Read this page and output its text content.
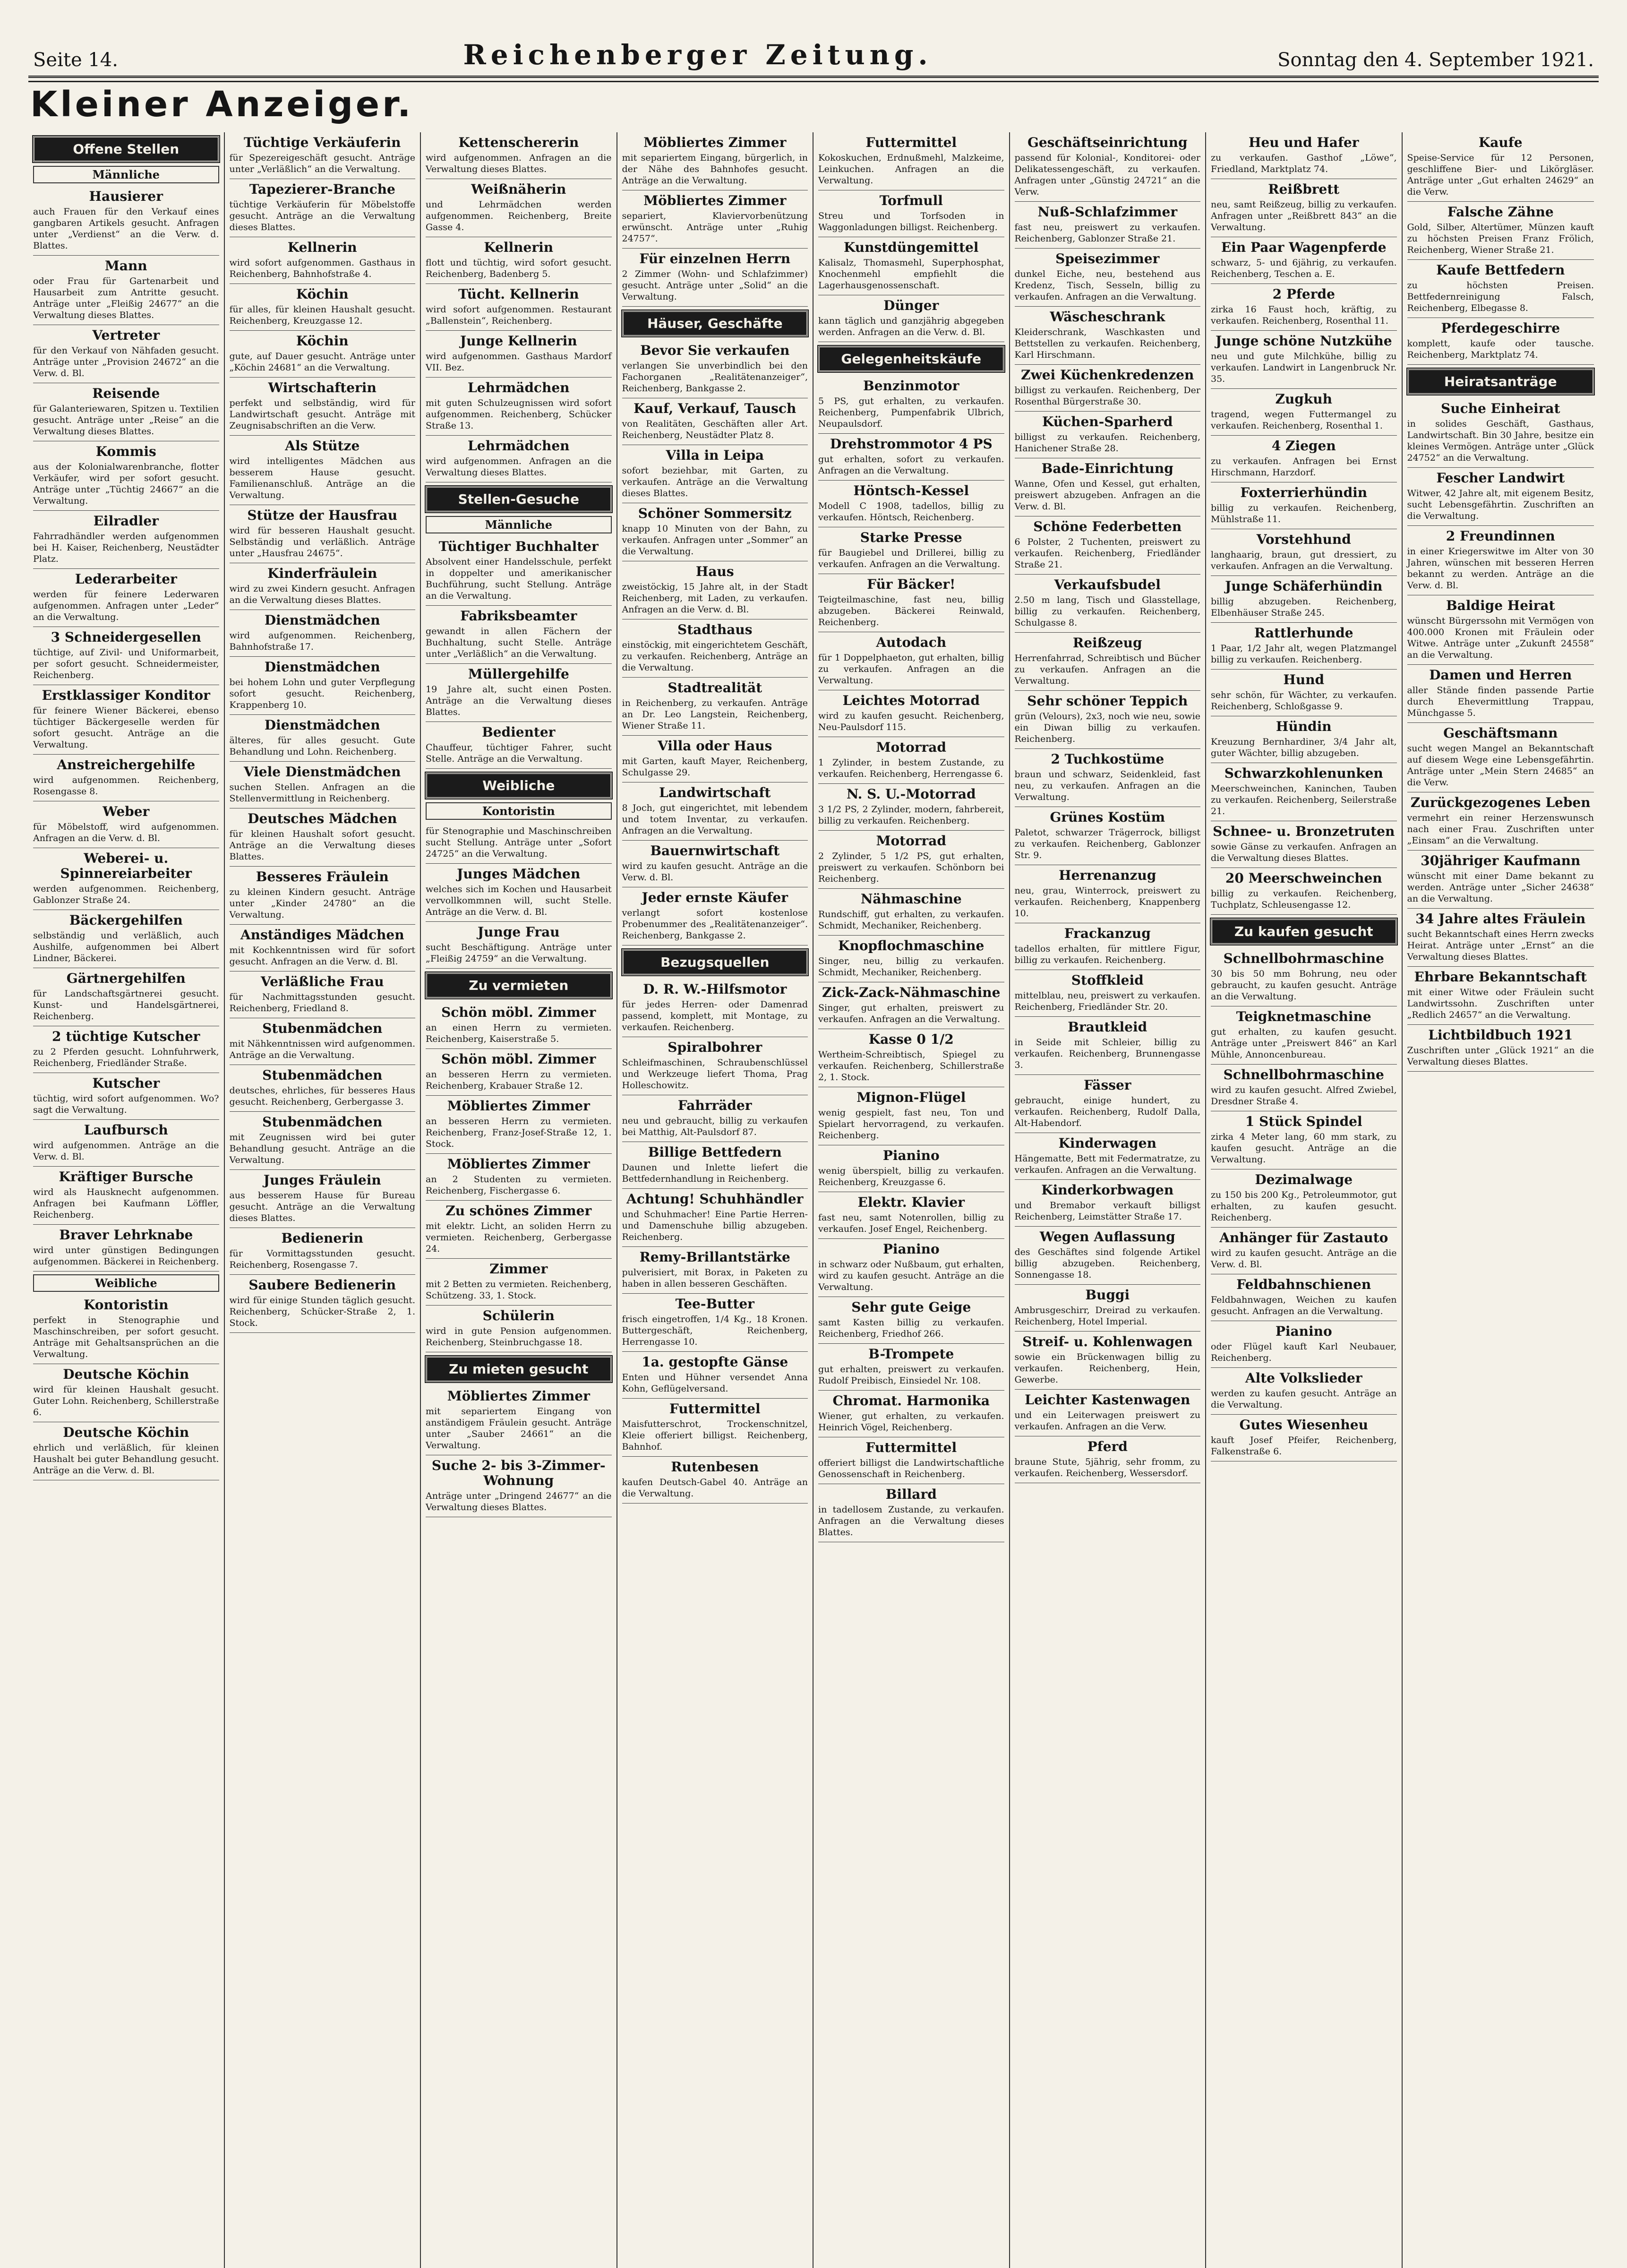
Seite 14.	Reichenberger Zeitung.	Sonntag den 4. September 1921.
Kleiner Anzeiger.
Offene Stellen
Männliche
Hausierer

auch Frauen für den Verkauf eines gangbaren Artikels gesucht. Anfragen unter „Verdienst“ an die Verw. d. Blattes.

Mann

oder Frau für Gartenarbeit und Hausarbeit zum Antritte gesucht. Anträge unter „Fleißig 24677“ an die Verwaltung dieses Blattes.

Vertreter

für den Verkauf von Nähfaden gesucht. Anträge unter „Provision 24672“ an die Verw. d. Bl.

Reisende

für Galanteriewaren, Spitzen u. Textilien gesucht. Anträge unter „Reise“ an die Verwaltung dieses Blattes.

Kommis

aus der Kolonialwarenbranche, flotter Verkäufer, wird per sofort gesucht. Anträge unter „Tüchtig 24667“ an die Verwaltung.

Eilradler

Fahrradhändler werden aufgenommen bei H. Kaiser, Reichenberg, Neustädter Platz.

Lederarbeiter

werden für feinere Lederwaren aufgenommen. Anfragen unter „Leder“ an die Verwaltung.

3 Schneidergesellen

tüchtige, auf Zivil- und Uniformarbeit, per sofort gesucht. Schneidermeister, Reichenberg.

Erstklassiger Konditor

für feinere Wiener Bäckerei, ebenso tüchtiger Bäckergeselle werden für sofort gesucht. Anträge an die Verwaltung.

Anstreichergehilfe

wird aufgenommen. Reichenberg, Rosengasse 8.

Weber

für Möbelstoff, wird aufgenommen. Anfragen an die Verw. d. Bl.

Weberei- u. Spinnereiarbeiter

werden aufgenommen. Reichenberg, Gablonzer Straße 24.

Bäckergehilfen

selbständig und verläßlich, auch Aushilfe, aufgenommen bei Albert Lindner, Bäckerei.

Gärtnergehilfen

für Landschaftsgärtnerei gesucht. Kunst- und Handelsgärtnerei, Reichenberg.

2 tüchtige Kutscher

zu 2 Pferden gesucht. Lohnfuhrwerk, Reichenberg, Friedländer Straße.

Kutscher

tüchtig, wird sofort aufgenommen. Wo? sagt die Verwaltung.

Laufbursch

wird aufgenommen. Anträge an die Verw. d. Bl.

Kräftiger Bursche

wird als Hausknecht aufgenommen. Anfragen bei Kaufmann Löffler, Reichenberg.

Braver Lehrknabe

wird unter günstigen Bedingungen aufgenommen. Bäckerei in Reichenberg.

Weibliche
Kontoristin

perfekt in Stenographie und Maschinschreiben, per sofort gesucht. Anträge mit Gehaltsansprüchen an die Verwaltung.

Deutsche Köchin

wird für kleinen Haushalt gesucht. Guter Lohn. Reichenberg, Schillerstraße 6.

Deutsche Köchin

ehrlich und verläßlich, für kleinen Haushalt bei guter Behandlung gesucht. Anträge an die Verw. d. Bl.

Tüchtige Verkäuferin

für Spezereigeschäft gesucht. Anträge unter „Verläßlich“ an die Verwaltung.

Tapezierer-Branche

tüchtige Verkäuferin für Möbelstoffe gesucht. Anträge an die Verwaltung dieses Blattes.

Kellnerin

wird sofort aufgenommen. Gasthaus in Reichenberg, Bahnhofstraße 4.

Köchin

für alles, für kleinen Haushalt gesucht. Reichenberg, Kreuzgasse 12.

Köchin

gute, auf Dauer gesucht. Anträge unter „Köchin 24681“ an die Verwaltung.

Wirtschafterin

perfekt und selbständig, wird für Landwirtschaft gesucht. Anträge mit Zeugnisabschriften an die Verw.

Als Stütze

wird intelligentes Mädchen aus besserem Hause gesucht. Familienanschluß. Anträge an die Verwaltung.

Stütze der Hausfrau

wird für besseren Haushalt gesucht. Selbständig und verläßlich. Anträge unter „Hausfrau 24675“.

Kinderfräulein

wird zu zwei Kindern gesucht. Anfragen an die Verwaltung dieses Blattes.

Dienstmädchen

wird aufgenommen. Reichenberg, Bahnhofstraße 17.

Dienstmädchen

bei hohem Lohn und guter Verpflegung sofort gesucht. Reichenberg, Krappenberg 10.

Dienstmädchen

älteres, für alles gesucht. Gute Behandlung und Lohn. Reichenberg.

Viele Dienstmädchen

suchen Stellen. Anfragen an die Stellenvermittlung in Reichenberg.

Deutsches Mädchen

für kleinen Haushalt sofort gesucht. Anträge an die Verwaltung dieses Blattes.

Besseres Fräulein

zu kleinen Kindern gesucht. Anträge unter „Kinder 24780“ an die Verwaltung.

Anständiges Mädchen

mit Kochkenntnissen wird für sofort gesucht. Anfragen an die Verw. d. Bl.

Verläßliche Frau

für Nachmittagsstunden gesucht. Reichenberg, Friedland 8.

Stubenmädchen

mit Nähkenntnissen wird aufgenommen. Anträge an die Verwaltung.

Stubenmädchen

deutsches, ehrliches, für besseres Haus gesucht. Reichenberg, Gerbergasse 3.

Stubenmädchen

mit Zeugnissen wird bei guter Behandlung gesucht. Anträge an die Verwaltung.

Junges Fräulein

aus besserem Hause für Bureau gesucht. Anträge an die Verwaltung dieses Blattes.

Bedienerin

für Vormittagsstunden gesucht. Reichenberg, Rosengasse 7.

Saubere Bedienerin

wird für einige Stunden täglich gesucht. Reichenberg, Schücker-Straße 2, 1. Stock.

Kettenschererin

wird aufgenommen. Anfragen an die Verwaltung dieses Blattes.

Weißnäherin

und Lehrmädchen werden aufgenommen. Reichenberg, Breite Gasse 4.

Kellnerin

flott und tüchtig, wird sofort gesucht. Reichenberg, Badenberg 5.

Tücht. Kellnerin

wird sofort aufgenommen. Restaurant „Ballenstein“, Reichenberg.

Junge Kellnerin

wird aufgenommen. Gasthaus Mardorf VII. Bez.

Lehrmädchen

mit guten Schulzeugnissen wird sofort aufgenommen. Reichenberg, Schücker Straße 13.

Lehrmädchen

wird aufgenommen. Anfragen an die Verwaltung dieses Blattes.

Stellen-Gesuche
Männliche
Tüchtiger Buchhalter

Absolvent einer Handelsschule, perfekt in doppelter und amerikanischer Buchführung, sucht Stellung. Anträge an die Verwaltung.

Fabriksbeamter

gewandt in allen Fächern der Buchhaltung, sucht Stelle. Anträge unter „Verläßlich“ an die Verwaltung.

Müllergehilfe

19 Jahre alt, sucht einen Posten. Anträge an die Verwaltung dieses Blattes.

Bedienter

Chauffeur, tüchtiger Fahrer, sucht Stelle. Anträge an die Verwaltung.

Weibliche
Kontoristin

für Stenographie und Maschinschreiben sucht Stellung. Anträge unter „Sofort 24725“ an die Verwaltung.

Junges Mädchen

welches sich im Kochen und Hausarbeit vervollkommnen will, sucht Stelle. Anträge an die Verw. d. Bl.

Junge Frau

sucht Beschäftigung. Anträge unter „Fleißig 24759“ an die Verwaltung.

Zu vermieten
Schön möbl. Zimmer

an einen Herrn zu vermieten. Reichenberg, Kaiserstraße 5.

Schön möbl. Zimmer

an besseren Herrn zu vermieten. Reichenberg, Krabauer Straße 12.

Möbliertes Zimmer

an besseren Herrn zu vermieten. Reichenberg, Franz-Josef-Straße 12, 1. Stock.

Möbliertes Zimmer

an 2 Studenten zu vermieten. Reichenberg, Fischergasse 6.

Zu schönes Zimmer

mit elektr. Licht, an soliden Herrn zu vermieten. Reichenberg, Gerbergasse 24.

Zimmer

mit 2 Betten zu vermieten. Reichenberg, Schützeng. 33, 1. Stock.

Schülerin

wird in gute Pension aufgenommen. Reichenberg, Steinbruchgasse 18.

Zu mieten gesucht
Möbliertes Zimmer

mit separiertem Eingang von anständigem Fräulein gesucht. Anträge unter „Sauber 24661“ an die Verwaltung.

Suche 2- bis 3-Zimmer-Wohnung

Anträge unter „Dringend 24677“ an die Verwaltung dieses Blattes.

Möbliertes Zimmer

mit separiertem Eingang, bürgerlich, in der Nähe des Bahnhofes gesucht. Anträge an die Verwaltung.

Möbliertes Zimmer

separiert, Klaviervorbenützung erwünscht. Anträge unter „Ruhig 24757“.

Für einzelnen Herrn

2 Zimmer (Wohn- und Schlafzimmer) gesucht. Anträge unter „Solid“ an die Verwaltung.

Häuser, Geschäfte
Bevor Sie verkaufen

verlangen Sie unverbindlich bei den Fachorganen „Realitätenanzeiger“, Reichenberg, Bankgasse 2.

Kauf, Verkauf, Tausch

von Realitäten, Geschäften aller Art. Reichenberg, Neustädter Platz 8.

Villa in Leipa

sofort beziehbar, mit Garten, zu verkaufen. Anträge an die Verwaltung dieses Blattes.

Schöner Sommersitz

knapp 10 Minuten von der Bahn, zu verkaufen. Anfragen unter „Sommer“ an die Verwaltung.

Haus

zweistöckig, 15 Jahre alt, in der Stadt Reichenberg, mit Laden, zu verkaufen. Anfragen an die Verw. d. Bl.

Stadthaus

einstöckig, mit eingerichtetem Geschäft, zu verkaufen. Reichenberg, Anträge an die Verwaltung.

Stadtrealität

in Reichenberg, zu verkaufen. Anträge an Dr. Leo Langstein, Reichenberg, Wiener Straße 11.

Villa oder Haus

mit Garten, kauft Mayer, Reichenberg, Schulgasse 29.

Landwirtschaft

8 Joch, gut eingerichtet, mit lebendem und totem Inventar, zu verkaufen. Anfragen an die Verwaltung.

Bauernwirtschaft

wird zu kaufen gesucht. Anträge an die Verw. d. Bl.

Jeder ernste Käufer

verlangt sofort kostenlose Probenummer des „Realitätenanzeiger“. Reichenberg, Bankgasse 2.

Bezugsquellen
D. R. W.-Hilfsmotor

für jedes Herren- oder Damenrad passend, komplett, mit Montage, zu verkaufen. Reichenberg.

Spiralbohrer

Schleifmaschinen, Schraubenschlüssel und Werkzeuge liefert Thoma, Prag Holleschowitz.

Fahrräder

neu und gebraucht, billig zu verkaufen bei Matthig, Alt-Paulsdorf 87.

Billige Bettfedern

Daunen und Inlette liefert die Bettfedernhandlung in Reichenberg.

Achtung! Schuhhändler

und Schuhmacher! Eine Partie Herren- und Damenschuhe billig abzugeben. Reichenberg.

Remy-Brillantstärke

pulverisiert, mit Borax, in Paketen zu haben in allen besseren Geschäften.

Tee-Butter

frisch eingetroffen, 1/4 Kg., 18 Kronen. Buttergeschäft, Reichenberg, Herrengasse 10.

1a. gestopfte Gänse

Enten und Hühner versendet Anna Kohn, Geflügelversand.

Futtermittel

Maisfutterschrot, Trockenschnitzel, Kleie offeriert billigst. Reichenberg, Bahnhof.

Rutenbesen

kaufen Deutsch-Gabel 40. Anträge an die Verwaltung.

Futtermittel

Kokoskuchen, Erdnußmehl, Malzkeime, Leinkuchen. Anfragen an die Verwaltung.

Torfmull

Streu und Torfsoden in Waggonladungen billigst. Reichenberg.

Kunstdüngemittel

Kalisalz, Thomasmehl, Superphosphat, Knochenmehl empfiehlt die Lagerhausgenossenschaft.

Dünger

kann täglich und ganzjährig abgegeben werden. Anfragen an die Verw. d. Bl.

Gelegenheitskäufe
Benzinmotor

5 PS, gut erhalten, zu verkaufen. Reichenberg, Pumpenfabrik Ulbrich, Neupaulsdorf.

Drehstrommotor 4 PS

gut erhalten, sofort zu verkaufen. Anfragen an die Verwaltung.

Höntsch-Kessel

Modell C 1908, tadellos, billig zu verkaufen. Höntsch, Reichenberg.

Starke Presse

für Baugiebel und Drillerei, billig zu verkaufen. Anfragen an die Verwaltung.

Für Bäcker!

Teigteilmaschine, fast neu, billig abzugeben. Bäckerei Reinwald, Reichenberg.

Autodach

für 1 Doppelphaeton, gut erhalten, billig zu verkaufen. Anfragen an die Verwaltung.

Leichtes Motorrad

wird zu kaufen gesucht. Reichenberg, Neu-Paulsdorf 115.

Motorrad

1 Zylinder, in bestem Zustande, zu verkaufen. Reichenberg, Herrengasse 6.

N. S. U.-Motorrad

3 1/2 PS, 2 Zylinder, modern, fahrbereit, billig zu verkaufen. Reichenberg.

Motorrad

2 Zylinder, 5 1/2 PS, gut erhalten, preiswert zu verkaufen. Schönborn bei Reichenberg.

Nähmaschine

Rundschiff, gut erhalten, zu verkaufen. Schmidt, Mechaniker, Reichenberg.

Knopflochmaschine

Singer, neu, billig zu verkaufen. Schmidt, Mechaniker, Reichenberg.

Zick-Zack-Nähmaschine

Singer, gut erhalten, preiswert zu verkaufen. Anfragen an die Verwaltung.

Kasse 0 1/2

Wertheim-Schreibtisch, Spiegel zu verkaufen. Reichenberg, Schillerstraße 2, 1. Stock.

Mignon-Flügel

wenig gespielt, fast neu, Ton und Spielart hervorragend, zu verkaufen. Reichenberg.

Pianino

wenig überspielt, billig zu verkaufen. Reichenberg, Kreuzgasse 6.

Elektr. Klavier

fast neu, samt Notenrollen, billig zu verkaufen. Josef Engel, Reichenberg.

Pianino

in schwarz oder Nußbaum, gut erhalten, wird zu kaufen gesucht. Anträge an die Verwaltung.

Sehr gute Geige

samt Kasten billig zu verkaufen. Reichenberg, Friedhof 266.

B-Trompete

gut erhalten, preiswert zu verkaufen. Rudolf Preibisch, Einsiedel Nr. 108.

Chromat. Harmonika

Wiener, gut erhalten, zu verkaufen. Heinrich Vögel, Reichenberg.

Futtermittel

offeriert billigst die Landwirtschaftliche Genossenschaft in Reichenberg.

Billard

in tadellosem Zustande, zu verkaufen. Anfragen an die Verwaltung dieses Blattes.

Geschäftseinrichtung

passend für Kolonial-, Konditorei- oder Delikatessengeschäft, zu verkaufen. Anfragen unter „Günstig 24721“ an die Verw.

Nuß-Schlafzimmer

fast neu, preiswert zu verkaufen. Reichenberg, Gablonzer Straße 21.

Speisezimmer

dunkel Eiche, neu, bestehend aus Kredenz, Tisch, Sesseln, billig zu verkaufen. Anfragen an die Verwaltung.

Wäscheschrank

Kleiderschrank, Waschkasten und Bettstellen zu verkaufen. Reichenberg, Karl Hirschmann.

Zwei Küchenkredenzen

billigst zu verkaufen. Reichenberg, Der Rosenthal Bürgerstraße 30.

Küchen-Sparherd

billigst zu verkaufen. Reichenberg, Hanichener Straße 28.

Bade-Einrichtung

Wanne, Ofen und Kessel, gut erhalten, preiswert abzugeben. Anfragen an die Verw. d. Bl.

Schöne Federbetten

6 Polster, 2 Tuchenten, preiswert zu verkaufen. Reichenberg, Friedländer Straße 21.

Verkaufsbudel

2.50 m lang, Tisch und Glasstellage, billig zu verkaufen. Reichenberg, Schulgasse 8.

Reißzeug

Herrenfahrrad, Schreibtisch und Bücher zu verkaufen. Anfragen an die Verwaltung.

Sehr schöner Teppich

grün (Velours), 2x3, noch wie neu, sowie ein Diwan billig zu verkaufen. Reichenberg.

2 Tuchkostüme

braun und schwarz, Seidenkleid, fast neu, zu verkaufen. Anfragen an die Verwaltung.

Grünes Kostüm

Paletot, schwarzer Trägerrock, billigst zu verkaufen. Reichenberg, Gablonzer Str. 9.

Herrenanzug

neu, grau, Winterrock, preiswert zu verkaufen. Reichenberg, Knappenberg 10.

Frackanzug

tadellos erhalten, für mittlere Figur, billig zu verkaufen. Reichenberg.

Stoffkleid

mittelblau, neu, preiswert zu verkaufen. Reichenberg, Friedländer Str. 20.

Brautkleid

in Seide mit Schleier, billig zu verkaufen. Reichenberg, Brunnengasse 3.

Fässer

gebraucht, einige hundert, zu verkaufen. Reichenberg, Rudolf Dalla, Alt-Habendorf.

Kinderwagen

Hängematte, Bett mit Federmatratze, zu verkaufen. Anfragen an die Verwaltung.

Kinderkorbwagen

und Bremabor verkauft billigst Reichenberg, Leimstätter Straße 17.

Wegen Auflassung

des Geschäftes sind folgende Artikel billig abzugeben. Reichenberg, Sonnengasse 18.

Buggi

Ambrusgeschirr, Dreirad zu verkaufen. Reichenberg, Hotel Imperial.

Streif- u. Kohlenwagen

sowie ein Brückenwagen billig zu verkaufen. Reichenberg, Hein, Gewerbe.

Leichter Kastenwagen

und ein Leiterwagen preiswert zu verkaufen. Anfragen an die Verw.

Pferd

braune Stute, 5jährig, sehr fromm, zu verkaufen. Reichenberg, Wessersdorf.

Heu und Hafer

zu verkaufen. Gasthof „Löwe“, Friedland, Marktplatz 74.

Reißbrett

neu, samt Reißzeug, billig zu verkaufen. Anfragen unter „Reißbrett 843“ an die Verwaltung.

Ein Paar Wagenpferde

schwarz, 5- und 6jährig, zu verkaufen. Reichenberg, Teschen a. E.

2 Pferde

zirka 16 Faust hoch, kräftig, zu verkaufen. Reichenberg, Rosenthal 11.

Junge schöne Nutzkühe

neu und gute Milchkühe, billig zu verkaufen. Landwirt in Langenbruck Nr. 35.

Zugkuh

tragend, wegen Futtermangel zu verkaufen. Reichenberg, Rosenthal 1.

4 Ziegen

zu verkaufen. Anfragen bei Ernst Hirschmann, Harzdorf.

Foxterrierhündin

billig zu verkaufen. Reichenberg, Mühlstraße 11.

Vorstehhund

langhaarig, braun, gut dressiert, zu verkaufen. Anfragen an die Verwaltung.

Junge Schäferhündin

billig abzugeben. Reichenberg, Elbenhäuser Straße 245.

Rattlerhunde

1 Paar, 1/2 Jahr alt, wegen Platzmangel billig zu verkaufen. Reichenberg.

Hund

sehr schön, für Wächter, zu verkaufen. Reichenberg, Schloßgasse 9.

Hündin

Kreuzung Bernhardiner, 3/4 Jahr alt, guter Wächter, billig abzugeben.

Schwarzkohlenunken

Meerschweinchen, Kaninchen, Tauben zu verkaufen. Reichenberg, Seilerstraße 21.

Schnee- u. Bronzetruten

sowie Gänse zu verkaufen. Anfragen an die Verwaltung dieses Blattes.

20 Meerschweinchen

billig zu verkaufen. Reichenberg, Tuchplatz, Schleusengasse 12.

Zu kaufen gesucht
Schnellbohrmaschine

30 bis 50 mm Bohrung, neu oder gebraucht, zu kaufen gesucht. Anträge an die Verwaltung.

Teigknetmaschine

gut erhalten, zu kaufen gesucht. Anträge unter „Preiswert 846“ an Karl Mühle, Annoncenbureau.

Schnellbohrmaschine

wird zu kaufen gesucht. Alfred Zwiebel, Dresdner Straße 4.

1 Stück Spindel

zirka 4 Meter lang, 60 mm stark, zu kaufen gesucht. Anträge an die Verwaltung.

Dezimalwage

zu 150 bis 200 Kg., Petroleummotor, gut erhalten, zu kaufen gesucht. Reichenberg.

Anhänger für Zastauto

wird zu kaufen gesucht. Anträge an die Verw. d. Bl.

Feldbahnschienen

Feldbahnwagen, Weichen zu kaufen gesucht. Anfragen an die Verwaltung.

Pianino

oder Flügel kauft Karl Neubauer, Reichenberg.

Alte Volkslieder

werden zu kaufen gesucht. Anträge an die Verwaltung.

Gutes Wiesenheu

kauft Josef Pfeifer, Reichenberg, Falkenstraße 6.

Kaufe

Speise-Service für 12 Personen, geschliffene Bier- und Likörgläser. Anträge unter „Gut erhalten 24629“ an die Verw.

Falsche Zähne

Gold, Silber, Altertümer, Münzen kauft zu höchsten Preisen Franz Frölich, Reichenberg, Wiener Straße 21.

Kaufe Bettfedern

zu höchsten Preisen. Bettfedernreinigung Falsch, Reichenberg, Elbegasse 8.

Pferdegeschirre

komplett, kaufe oder tausche. Reichenberg, Marktplatz 74.

Heiratsanträge
Suche Einheirat

in solides Geschäft, Gasthaus, Landwirtschaft. Bin 30 Jahre, besitze ein kleines Vermögen. Anträge unter „Glück 24752“ an die Verwaltung.

Fescher Landwirt

Witwer, 42 Jahre alt, mit eigenem Besitz, sucht Lebensgefährtin. Zuschriften an die Verwaltung.

2 Freundinnen

in einer Kriegerswitwe im Alter von 30 Jahren, wünschen mit besseren Herren bekannt zu werden. Anträge an die Verw. d. Bl.

Baldige Heirat

wünscht Bürgerssohn mit Vermögen von 400.000 Kronen mit Fräulein oder Witwe. Anträge unter „Zukunft 24558“ an die Verwaltung.

Damen und Herren

aller Stände finden passende Partie durch Ehevermittlung Trappau, Münchgasse 5.

Geschäftsmann

sucht wegen Mangel an Bekanntschaft auf diesem Wege eine Lebensgefährtin. Anträge unter „Mein Stern 24685“ an die Verw.

Zurückgezogenes Leben

vermehrt ein reiner Herzenswunsch nach einer Frau. Zuschriften unter „Einsam“ an die Verwaltung.

30jähriger Kaufmann

wünscht mit einer Dame bekannt zu werden. Anträge unter „Sicher 24638“ an die Verwaltung.

34 Jahre altes Fräulein

sucht Bekanntschaft eines Herrn zwecks Heirat. Anträge unter „Ernst“ an die Verwaltung dieses Blattes.

Ehrbare Bekanntschaft

mit einer Witwe oder Fräulein sucht Landwirtssohn. Zuschriften unter „Redlich 24657“ an die Verwaltung.

Lichtbildbuch 1921

Zuschriften unter „Glück 1921“ an die Verwaltung dieses Blattes.
